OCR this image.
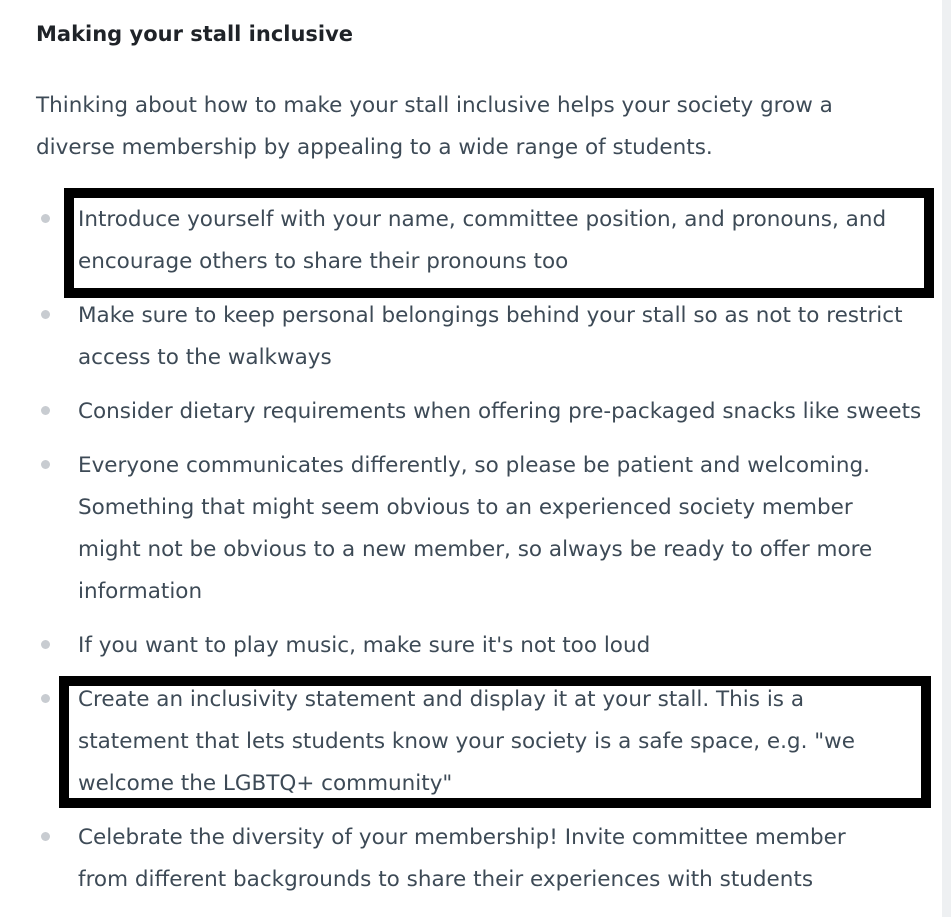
Making your stall inclusive

Thinking about how to make your stall inclusive helps your society grow a diverse membership by appealing to a wide range of students.

Introduce yourself with your name, committee position, and pronouns, and encourage others to share their pronouns too

Make sure to keep personal belongings behind your stall so as not to restrict access to the walkways

Consider dietary requirements when offering pre-packaged snacks like sweets

Everyone communicates differently, so please be patient and welcoming. Something that might seem obvious to an experienced society member might not be obvious to a new member, so always be ready to offer more information

If you want to play music, make sure it's not too loud

Create an inclusivity statement and display it at your stall. This is a statement that lets students know your society is a safe space, e.g. "we welcome the LGBTQ+ community"

Celebrate the diversity of your membership! Invite committee member from different backgrounds to share their experiences with students
